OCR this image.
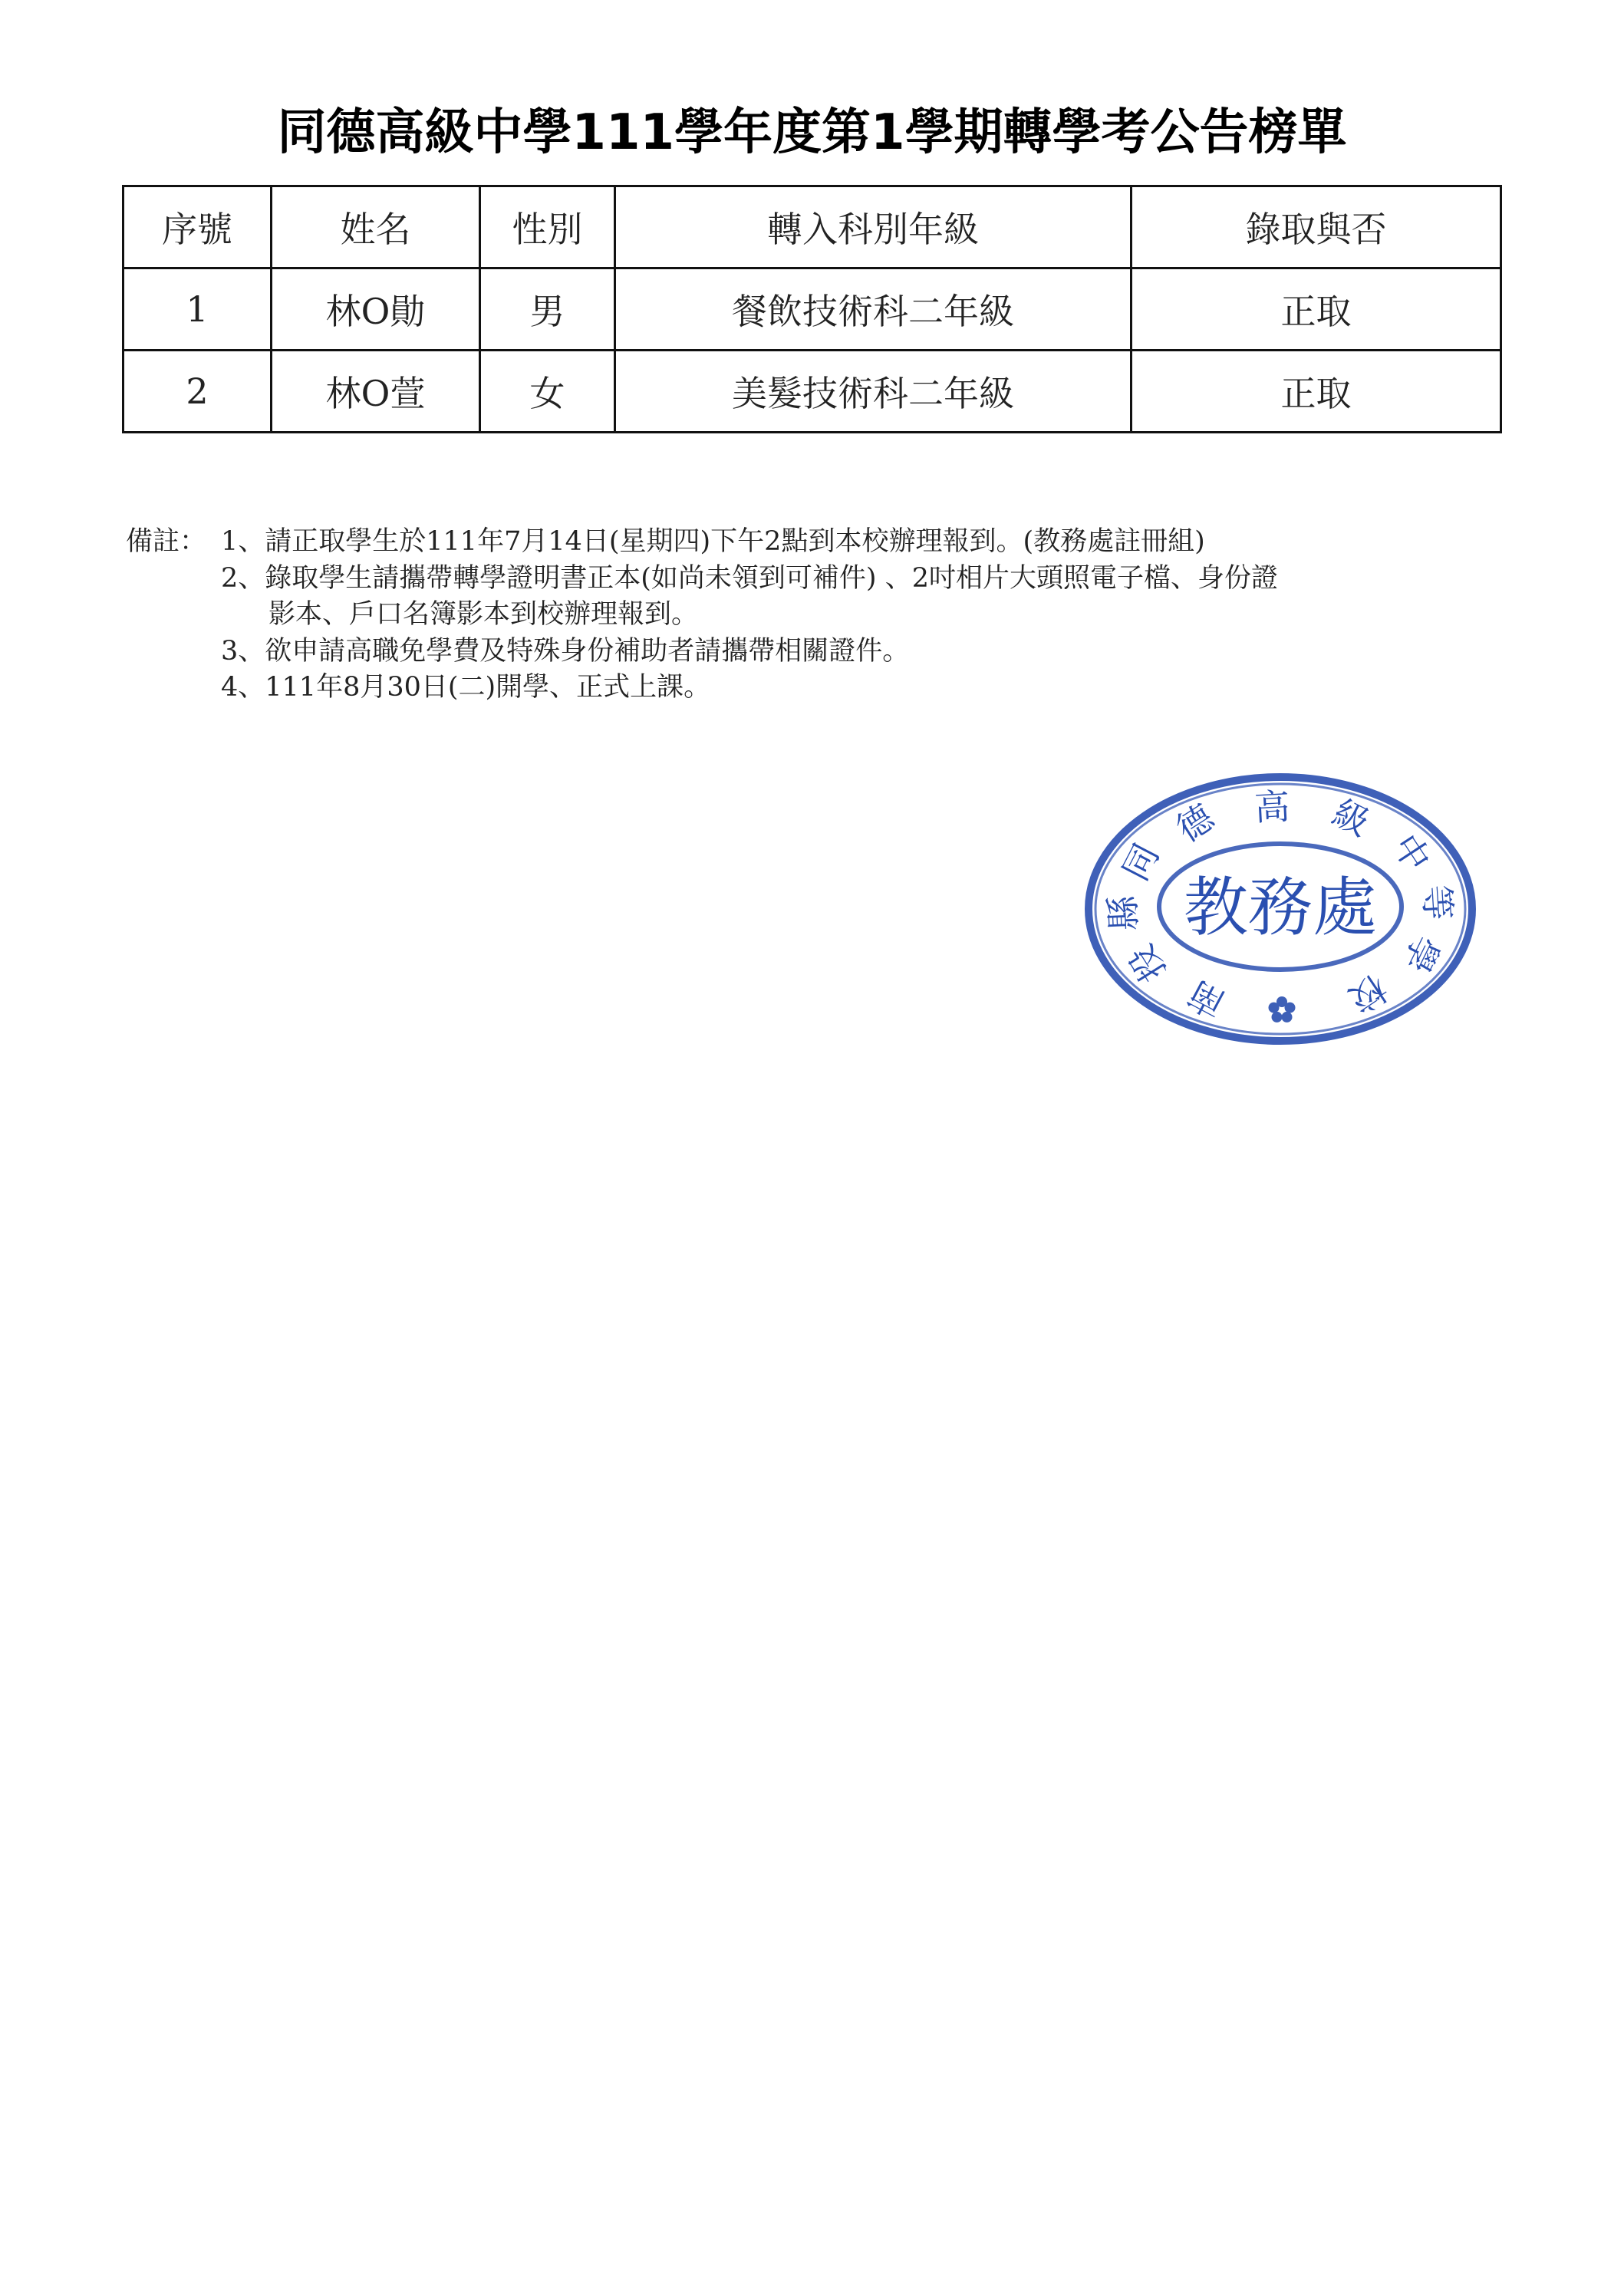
同德高級中學111學年度第1學期轉學考公告榜單
序號	姓名	性別	轉入科別年級	錄取與否
1	林O勛	男	餐飲技術科二年級	正取
2	林O萱	女	美髮技術科二年級	正取
備註： 1、請正取學生於111年7月14日(星期四)下午2點到本校辦理報到。(教務處註冊組)
2、錄取學生請攜帶轉學證明書正本(如尚未領到可補件) 、2吋相片大頭照電子檔、身份證
影本、戶口名簿影本到校辦理報到。
3、欲申請高職免學費及特殊身份補助者請攜帶相關證件。
4、111年8月30日(二)開學、正式上課。
南
投
縣
同
德 高 級
中
等
學
校
教務處
